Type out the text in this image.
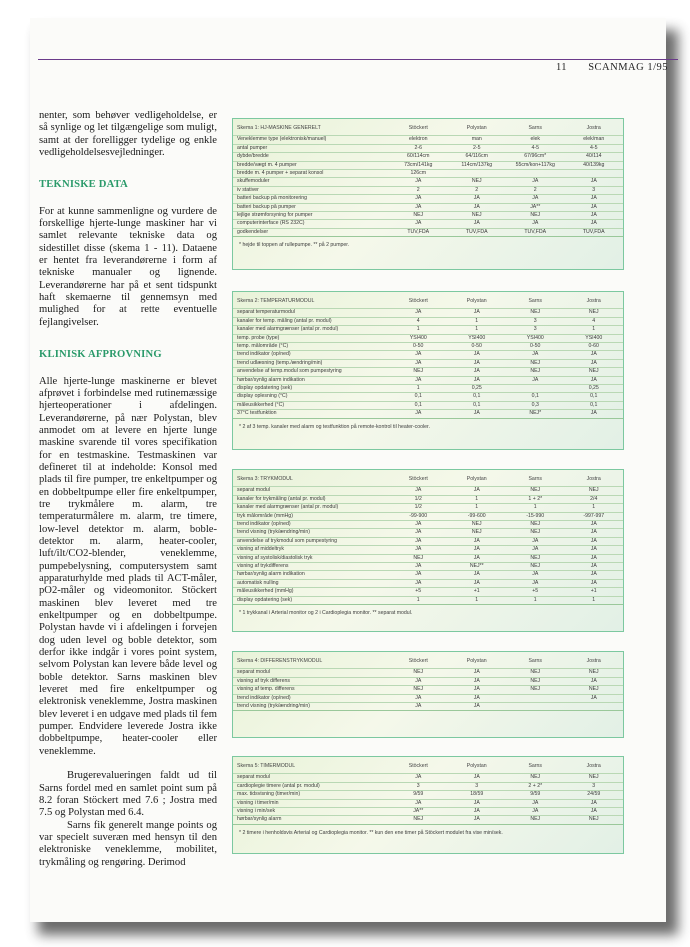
11 SCANMAG 1/95

nenter, som behøver vedligeholdelse, er så synlige og let tilgængelige som muligt, samt at der forelligger tydelige og enkle vedligeholdelsesvejledninger.

TEKNISKE DATA

For at kunne sammenligne og vurdere de forskellige hjerte-lunge maskiner har vi samlet relevante tekniske data og sidestillet disse (skema 1 - 11). Dataene er hentet fra leverandørerne i form af tekniske manualer og lignende. Leverandørerne har på et sent tidspunkt haft skemaerne til gennemsyn med mulighed for at rette eventuelle fejlangivelser.

KLINISK AFPROVNING

Alle hjerte-lunge maskinerne er blevet afprøvet i forbindelse med rutinemæssige hjerteoperationer i afdelingen. Leverandørerne, på nær Polystan, blev anmodet om at levere en hjerte lunge maskine svarende til vores specifikation for en testmaskine. Testmaskinen var defineret til at indeholde: Konsol med plads til fire pumper, tre enkeltpumper og en dobbeltpumpe eller fire enkeltpumper, tre trykmålere m. alarm, tre temperaturmålere m. alarm, tre timere, low-level detektor m. alarm, boble-detektor m. alarm, heater-cooler, luft/ilt/CO2-blender, veneklemme, pumpebelysning, computersystem samt apparaturhylde med plads til ACT-måler, pO2-måler og videomonitor. Stöckert maskinen blev leveret med tre enkeltpumper og en dobbeltpumpe. Polystan havde vi i afdelingen i forvejen dog uden level og boble detektor, som derfor ikke indgår i vores point system, selvom Polystan kan levere både level og boble detektor. Sarns maskinen blev leveret med fire enkeltpumper og elektronisk veneklemme, Jostra maskinen blev leveret i en udgave med plads til fem pumper. Endvidere leverede Jostra ikke dobbeltpumpe, heater-cooler eller veneklemme.

Brugerevalueringen faldt ud til Sarns fordel med en samlet point sum på 8.2 foran Stöckert med 7.6 ; Jostra med 7.5 og Polystan med 6.4.

Sarns fik generelt mange points og var specielt suveræn med hensyn til den elektroniske veneklemme, mobilitet, trykmåling og rengøring. Derimod

Skema 1: HJ-MASKINE GENERELT	Stöckert	Polystan	Sarns	Jostra
Veneklemme type (elektronisk/manuel)	elektron	man	elek	elek/man
antal pumper	2-6	2-5	4-5	4-5
dybde/bredde	60/114cm	64/116cm	67/96cm*	40/114
bredde/vægt m. 4 pumper	73cm/141kg	114cm/137kg	55cm/kon+117kg	40/139kg
bredde m. 4 pumper + separat konsol	126cm			
skuffemoduler	JA	NEJ	JA	JA
iv stativer	2	2	2	3
batteri backup på monitorering	JA	JA	JA	JA
batteri backup på pumper	JA	JA	JA**	JA
lejlige strømforsyning for pumper	NEJ	NEJ	NEJ	JA
computerinterface (RS 232C)	JA	JA	JA	JA
godkendelser	TÜV,FDA	TÜV,FDA	TÜV,FDA	TÜV,FDA
* hejde til toppen af rullepumpe. ** på 2 pumper.
Skema 2: TEMPERATURMODUL	Stöckert	Polystan	Sarns	Jostra
separat temperaturmodul	JA	JA	NEJ	NEJ
kanaler for temp. måling (antal pr. modul)	4	1	3	4
kanaler med alarmgrænser (antal pr. modul)	1	1	3	1
temp. probe (type)	YSI400	YSI400	YSI400	YSI400
temp. målområde (°C)	0-50	0-50	0-50	0-60
trend indikator (op/ned)	JA	JA	JA	JA
trend udlæsning (temp./ændring/min)	JA	JA	NEJ	JA
anvendelse af temp.modul som pumpestyring	NEJ	JA	NEJ	NEJ
hørbar/synlig alarm indikation	JA	JA	JA	JA
display opdatering (sek)	1	0,25		0,25
display oplesning (°C)	0,1	0,1	0,1	0,1
måleusikkerhed (°C)	0,1	0,1	0,3	0,1
37°C testfunktion	JA	JA	NEJ*	JA
* 2 af 3 temp. kanaler med alarm og testfunktion på remote-kontrol til heater-cooler.
Skema 3: TRYKMODUL	Stöckert	Polystan	Sarns	Jostra
separat modul	JA	JA	NEJ	NEJ
kanaler for trykmåling (antal pr. modul)	1/2	1	1 + 2*	2/4
kanaler med alarmgrænser (antal pr. modul)	1/2	1	1	1
tryk målområde (mmHg)	-99-900	-99-600	-15-990	-997-997
trend indikator (op/ned)	JA	NEJ	NEJ	JA
trend visning (tryk/ændring/min)	JA	NEJ	NEJ	JA
anvendelse af trykmodul som pumpestyring	JA	JA	JA	JA
visning af middeltryk	JA	JA	JA	JA
visning af systolisk/diastolisk tryk	NEJ	JA	NEJ	JA
visning af trykdifferens	JA	NEJ**	NEJ	JA
hørbar/synlig alarm indikation	JA	JA	JA	JA
automatisk nulling	JA	JA	JA	JA
måleusikkerhed (mmHg)	+5	+1	+5	+1
display opdatering (sek)	1	1	1	1
* 1 trykkanal i Arterial monitor og 2 i Cardioplegia monitor. ** separat modul.
Skema 4: DIFFERENSTRYKMODUL	Stöckert	Polystan	Sarns	Jostra
separat modul	NEJ	JA	NEJ	NEJ
visning af tryk differens	JA	JA	NEJ	JA
visning af temp. differens	NEJ	JA	NEJ	NEJ
trend indikator (op/ned)	JA	JA		JA
trend visning (tryk/ændring/min)	JA	JA		
Skema 5: TIMERMODUL	Stöckert	Polystan	Sarns	Jostra
separat modul	JA	JA	NEJ	NEJ
cardioplegie timere (antal pr. modul)	3	3	2 + 2*	3
max. tidsvisning (timer/min)	9/59	18/59	9/59	24/59
visning i timer/min	JA	JA	JA	JA
visning i min/sek	JA**	JA	JA	JA
hørbar/synlig alarm	NEJ	JA	NEJ	NEJ
* 2 timere i henholdsvis Arterial og Cardioplegia monitor. ** kun den ene timer på Stöckert modulet fra vise min/sek.
